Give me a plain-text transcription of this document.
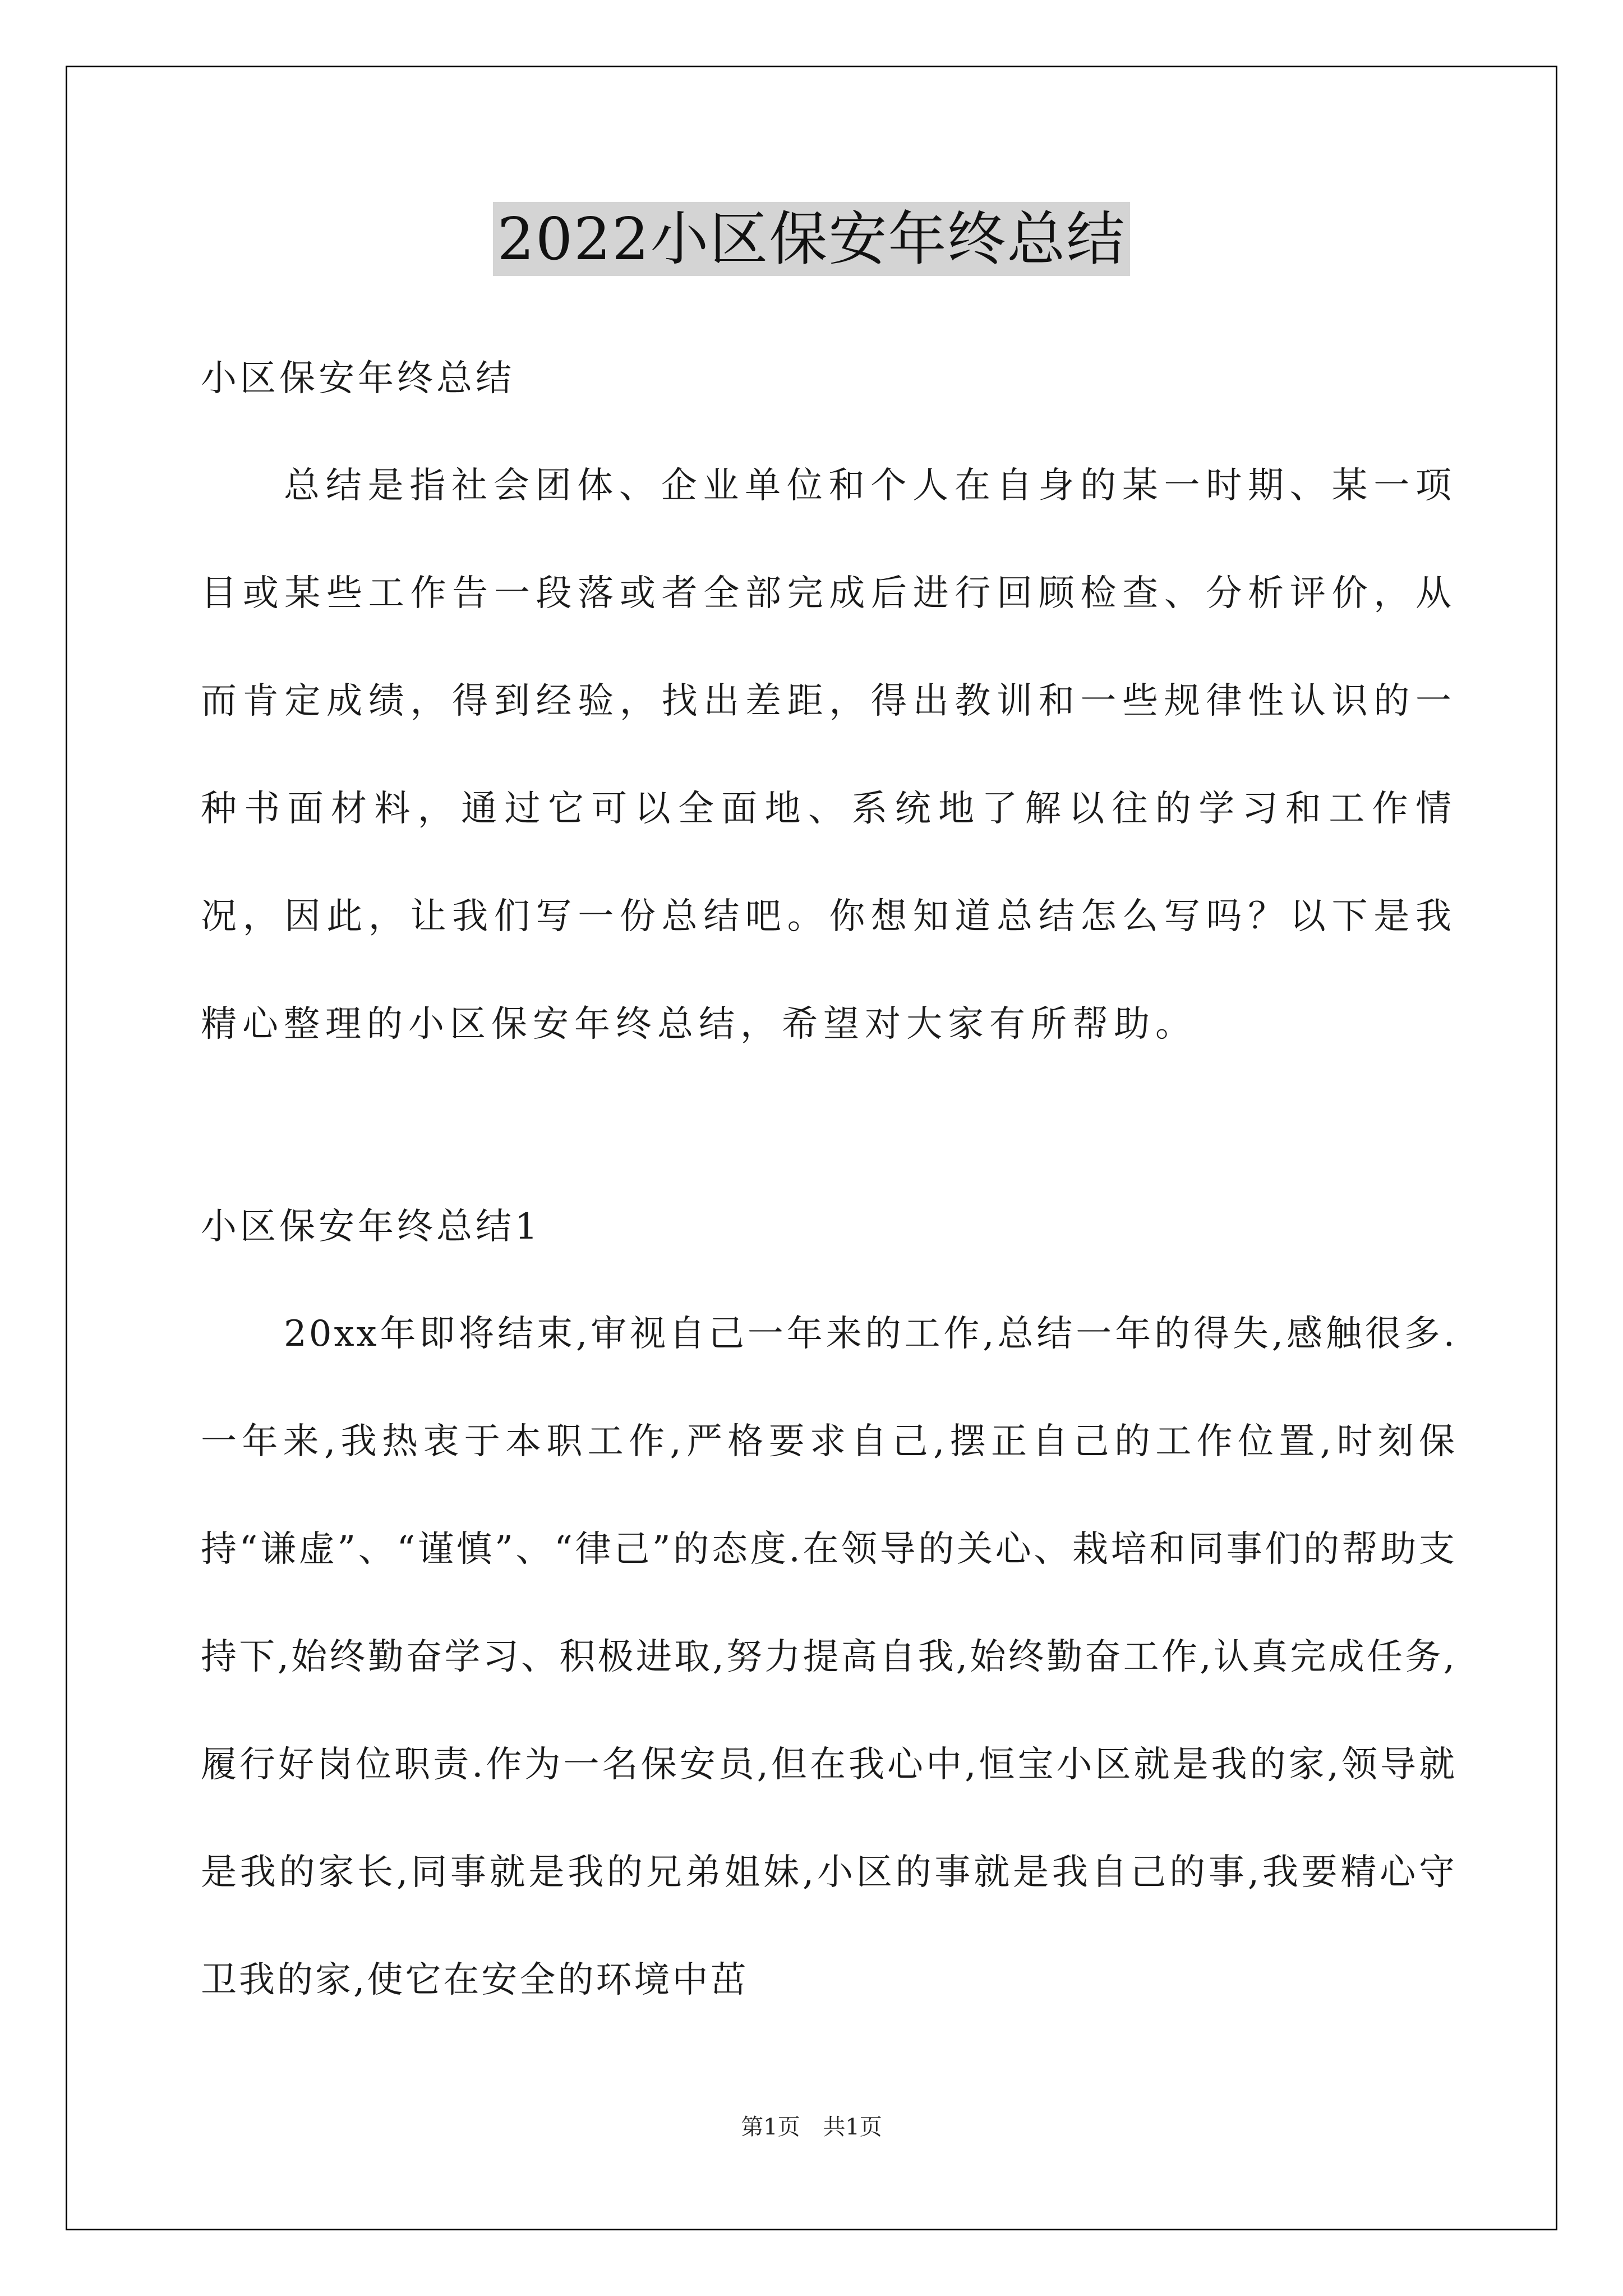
2022小区保安年终总结

小区保安年终总结

总结是指社会团体、企业单位和个人在自身的某一时期、某一项目或某些工作告一段落或者全部完成后进行回顾检查、分析评价，从而肯定成绩，得到经验，找出差距，得出教训和一些规律性认识的一种书面材料，通过它可以全面地、系统地了解以往的学习和工作情况，因此，让我们写一份总结吧。你想知道总结怎么写吗？以下是我精心整理的小区保安年终总结，希望对大家有所帮助。

小区保安年终总结1

20xx年即将结束,审视自己一年来的工作,总结一年的得失,感触很多.一年来,我热衷于本职工作,严格要求自己,摆正自己的工作位置,时刻保持“谦虚”、“谨慎”、“律己”的态度.在领导的关心、栽培和同事们的帮助支持下,始终勤奋学习、积极进取,努力提高自我,始终勤奋工作,认真完成任务,履行好岗位职责.作为一名保安员,但在我心中,恒宝小区就是我的家,领导就是我的家长,同事就是我的兄弟姐妹,小区的事就是我自己的事,我要精心守卫我的家,使它在安全的环境中茁

第1页 共1页
